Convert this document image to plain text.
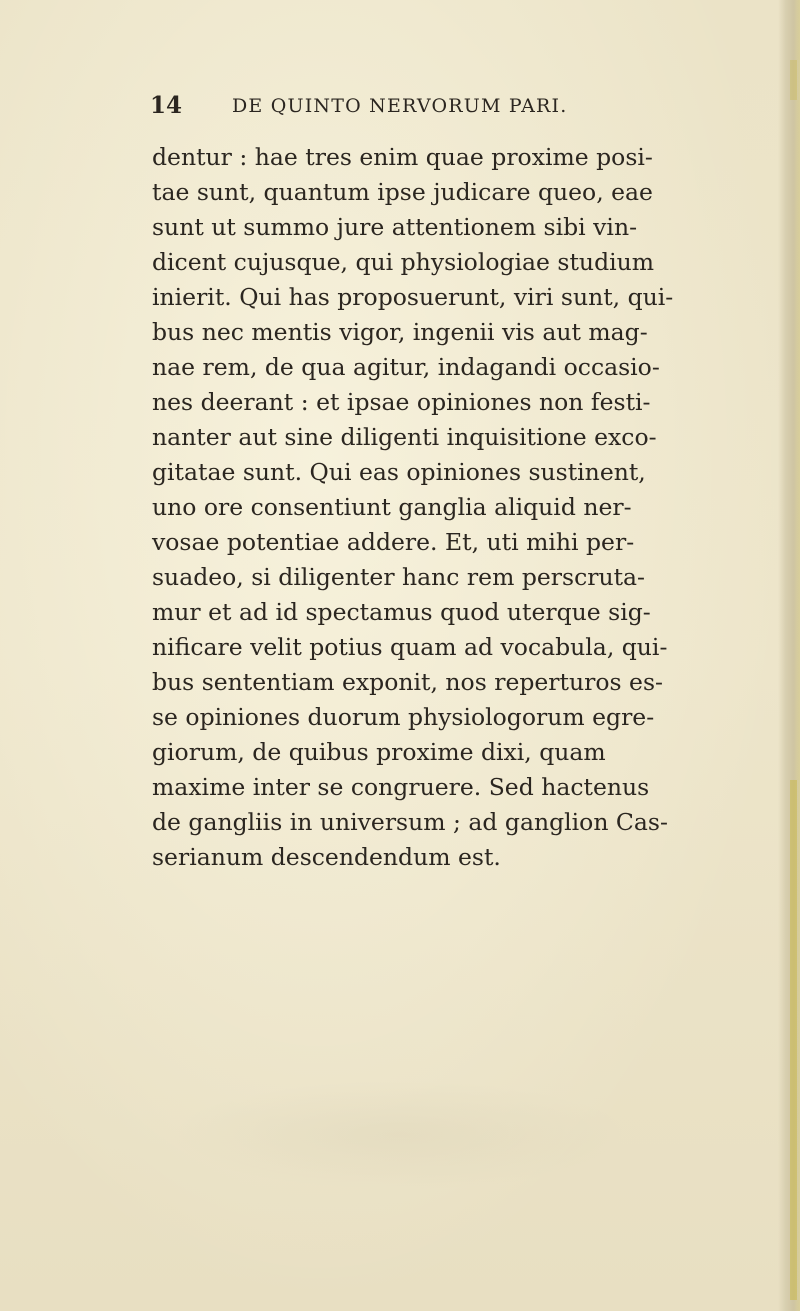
14	DE QUINTO NERVORUM PARI.
dentur : hae tres enim quae proxime posi-
tae sunt, quantum ipse judicare queo, eae
sunt ut summo jure attentionem sibi vin-
dicent cujusque, qui physiologiae studium
inierit. Qui has proposuerunt, viri sunt, qui-
bus nec mentis vigor, ingenii vis aut mag-
nae rem, de qua agitur, indagandi occasio-
nes deerant : et ipsae opiniones non festi-
nanter aut sine diligenti inquisitione exco-
gitatae sunt. Qui eas opiniones sustinent,
uno ore consentiunt ganglia aliquid ner-
vosae potentiae addere. Et, uti mihi per-
suadeo, si diligenter hanc rem perscruta-
mur et ad id spectamus quod uterque sig-
nificare velit potius quam ad vocabula, qui-
bus sententiam exponit, nos reperturos es-
se opiniones duorum physiologorum egre-
giorum, de quibus proxime dixi, quam
maxime inter se congruere. Sed hactenus
de gangliis in universum ; ad ganglion Cas-
serianum descendendum est.
